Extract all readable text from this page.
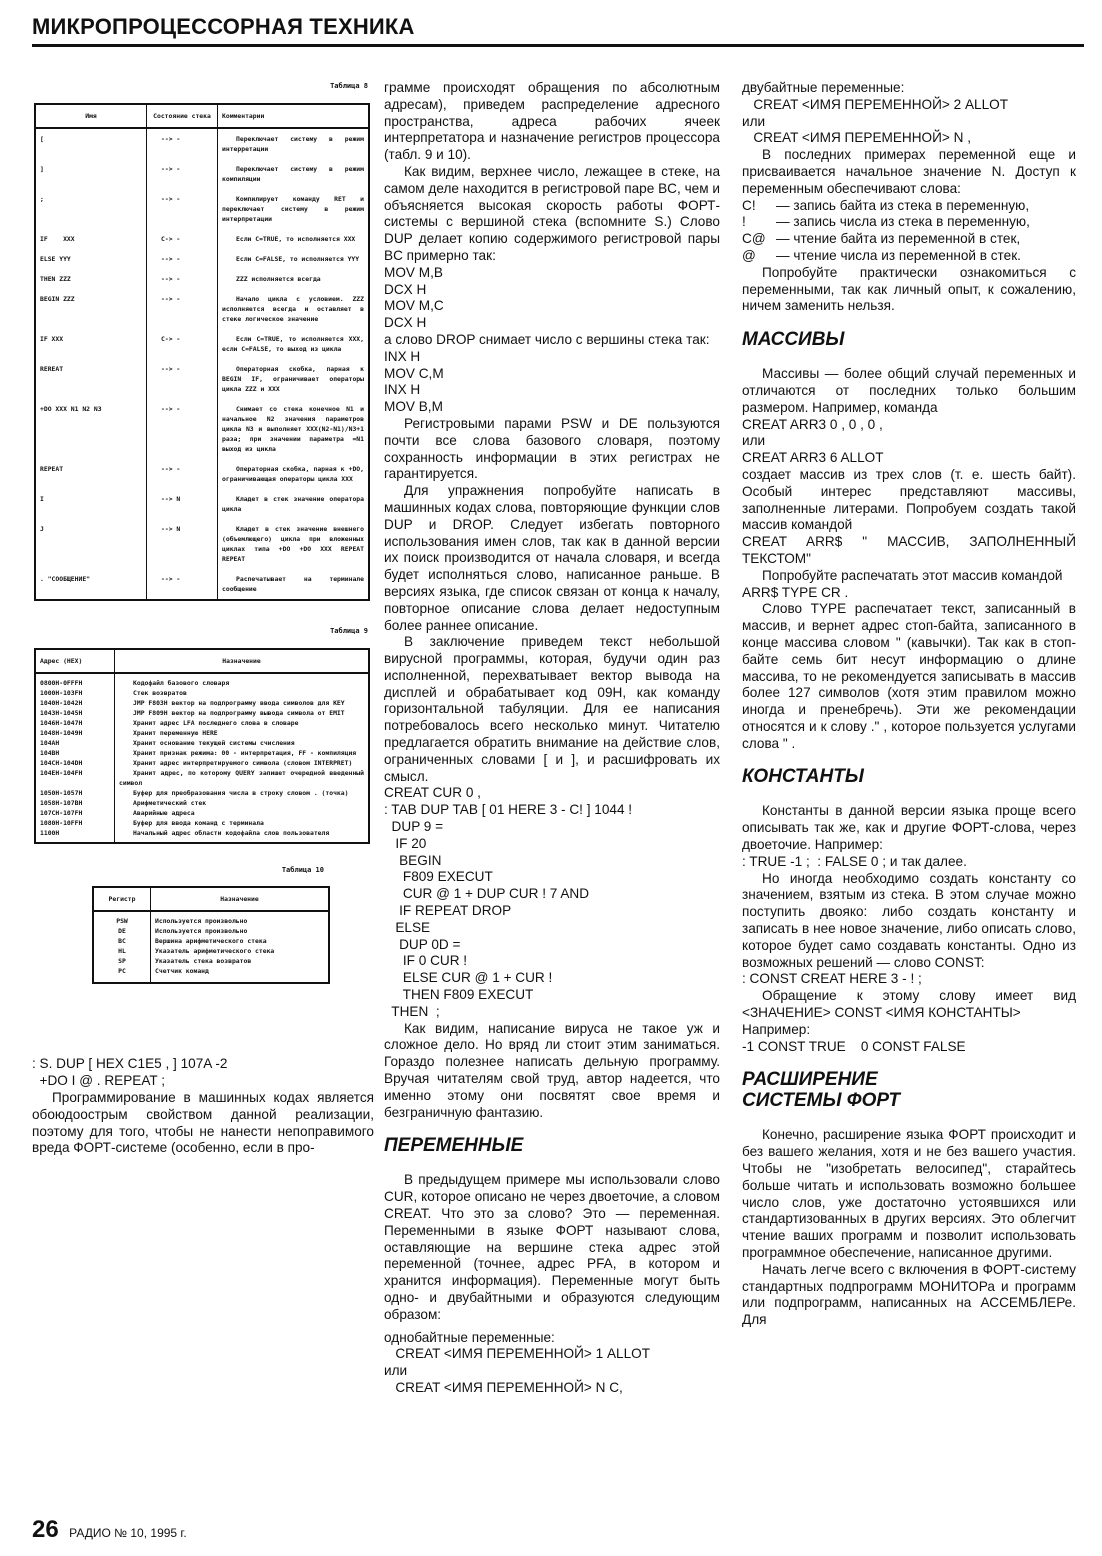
МИКРОПРОЦЕССОРНАЯ ТЕХНИКА
Таблица 8
Имя	Состояние стека	Комментарии
[	--> -	Переключает систему в режим интерретации

]	--> -	Переключает систему в режим компиляции

;	--> -	Компилирует команду RET и переключает систему в режим интерпретации

IF    XXX	C-> -	Если C=TRUE, то исполняется XXX

ELSE YYY	--> -	Если C=FALSE, то исполняется YYY

THEN ZZZ	--> -	ZZZ исполняется всегда

BEGIN ZZZ	--> -	Начало цикла с условием. ZZZ исполняется всегда и оставляет в стеке логическое значение

IF XXX	C-> -	Если C=TRUE, то исполняется XXX, если C=FALSE, то выход из цикла

REREAT	--> -	Операторная скобка, парная к BEGIN IF, ограничивает операторы цикла ZZZ и XXX

+DO XXX N1 N2 N3	--> -	Снимает со стека конечное N1 и начальное N2 значения параметров цикла N3 и выполняет XXX(N2-N1)/N3+1 раза; при значении параметра =N1 выход из цикла

REPEAT	--> -	Операторная скобка, парная к +DO, ограничивающая операторы цикла XXX

I	--> N	Кладет в стек значение оператора цикла

J	--> N	Кладет в стек значение внешнего (объемлющего) цикла при вложенных циклах типа +DO +DO XXX REPEAT REPEAT

. "СООБЩЕНИЕ"	--> -	Распечатывает на терминале сообщение
Таблица 9
Адрес (HEX)	Назначение
0800H-0FFFH	Кодофайл базового словаря
1000H-103FH	Стек возвратов
1040H-1042H	JMP F803H вектор на подпрограмму ввода символов для KEY
1043H-1045H	JMP F809H вектор на подпрограмму вывода символа от EMIT
1046H-1047H	Хранит адрес LFA последнего слова в словаре
1048H-1049H	Хранит переменную HERE
104AH	Хранит основание текущей системы счисления
104BH	Хранит признак режима: 00 - интерпретация, FF - компиляция
104CH-104DH	Хранит адрес интерпретируемого символа (словом INTERPRET)
104EH-104FH	Хранит адрес, по которому QUERY запишет очередной введенный символ
1050H-1057H	Буфер для преобразования числа в строку словом . (точка)
1058H-107BH	Арифметический стек
107CH-107FH	Аварийные адреса
1080H-10FFH	Буфер для ввода команд с терминала
1100H	Начальный адрес области кодофайла слов пользователя
Таблица 10
Регистр	Назначение
PSW	Используется произвольно
DE	Используется произвольно
BC	Вершина арифметического стека
HL	Указатель арифметического стека
SP	Указатель стека возвратов
PC	Счетчик команд
: S. DUP [ HEX C1E5 , ] 107A -2
+DO I @ . REPEAT ;

Программирование в машинных кодах является обоюдоострым свойством данной реализации, поэтому для того, чтобы не нанести непоправимого вреда ФОРТ-системе (особенно, если в про-

грамме происходят обращения по абсолютным адресам), приведем распределение адресного пространства, адреса рабочих ячеек интерпретатора и назначение регистров процессора (табл. 9 и 10).

Как видим, верхнее число, лежащее в стеке, на самом деле находится в регистровой паре BC, чем и объясняется высокая скорость работы ФОРТ-системы с вершиной стека (вспомните S.) Слово DUP делает копию содержимого регистровой пары BC примерно так:

MOV M,B
DCX H
MOV M,C
DCX H

а слово DROP снимает число с вершины стека так:

INX H
MOV C,M
INX H
MOV B,M

Регистровыми парами PSW и DE пользуются почти все слова базового словаря, поэтому сохранность информации в этих регистрах не гарантируется.

Для упражнения попробуйте написать в машинных кодах слова, повторяющие функции слов DUP и DROP. Следует избегать повторного использования имен слов, так как в данной версии их поиск производится от начала словаря, и всегда будет исполняться слово, написанное раньше. В версиях языка, где список связан от конца к началу, повторное описание слова делает недоступным более раннее описание.

В заключение приведем текст небольшой вирусной программы, которая, будучи один раз исполненной, перехватывает вектор вывода на дисплей и обрабатывает код 09H, как команду горизонтальной табуляции. Для ее написания потребовалось всего несколько минут. Читателю предлагается обратить внимание на действие слов, ограниченных словами [ и ], и расшифровать их смысл.

CREAT CUR 0 ,
: TAB DUP TAB [ 01 HERE 3 - C! ] 1044 !
DUP 9 =
IF 20
BEGIN
F809 EXECUT
CUR @ 1 + DUP CUR ! 7 AND
IF REPEAT DROP
ELSE
DUP 0D =
IF 0 CUR !
ELSE CUR @ 1 + CUR !
THEN F809 EXECUT
THEN  ;

Как видим, написание вируса не такое уж и сложное дело. Но вряд ли стоит этим заниматься. Гораздо полезнее написать дельную программу. Вручая читателям свой труд, автор надеется, что именно этому они посвятят свое время и безграничную фантазию.

ПЕРЕМЕННЫЕ

В предыдущем примере мы использовали слово CUR, которое описано не через двоеточие, а словом CREAT. Что это за слово? Это — переменная. Переменными в языке ФОРТ называют слова, оставляющие на вершине стека адрес этой переменной (точнее, адрес PFA, в котором и хранится информация). Переменные могут быть одно- и двубайтными и образуются следующим образом:

однобайтные переменные:

CREAT <ИМЯ ПЕРЕМЕННОЙ> 1 ALLOT
или
CREAT <ИМЯ ПЕРЕМЕННОЙ> N C,

двубайтные переменные:

CREAT <ИМЯ ПЕРЕМЕННОЙ> 2 ALLOT
или
CREAT <ИМЯ ПЕРЕМЕННОЙ> N ,

В последних примерах переменной еще и присваивается начальное значение N. Доступ к переменным обеспечивают слова:

C!	— запись байта из стека в переменную,
!	— запись числа из стека в переменную,
C@ — чтение байта из переменной в стек,
@	— чтение числа из переменной в стек.

Попробуйте практически ознакомиться с переменными, так как личный опыт, к сожалению, ничем заменить нельзя.

МАССИВЫ

Массивы — более общий случай переменных и отличаются от последних только большим размером. Например, команда

CREAT ARR3 0 , 0 , 0 ,
или
CREAT ARR3 6 ALLOT

создает массив из трех слов (т. е. шесть байт). Особый интерес представляют массивы, заполненные литерами. Попробуем создать такой массив командой

CREAT ARR$ " МАССИВ, ЗАПОЛНЕННЫЙ ТЕКСТОМ"

Попробуйте распечатать этот массив командой

ARR$ TYPE CR .

Слово TYPE распечатает текст, записанный в массив, и вернет адрес стоп-байта, записанного в конце массива словом " (кавычки). Так как в стоп-байте семь бит несут информацию о длине массива, то не рекомендуется записывать в массив более 127 символов (хотя этим правилом можно иногда и пренебречь). Эти же рекомендации относятся и к слову ." , которое пользуется услугами слова " .

КОНСТАНТЫ

Константы в данной версии языка проще всего описывать так же, как и другие ФОРТ-слова, через двоеточие. Например:

: TRUE -1 ;  : FALSE 0 ; и так далее.

Но иногда необходимо создать константу со значением, взятым из стека. В этом случае можно поступить двояко: либо создать константу и записать в нее новое значение, либо описать слово, которое будет само создавать константы. Одно из возможных решений — слово CONST:

: CONST CREAT HERE 3 - ! ;

Обращение к этому слову имеет вид <ЗНАЧЕНИЕ> CONST <ИМЯ КОНСТАНТЫ>

Например:

-1 CONST TRUE    0 CONST FALSE
РАСШИРЕНИЕ СИСТЕМЫ ФОРТ

Конечно, расширение языка ФОРТ происходит и без вашего желания, хотя и не без вашего участия. Чтобы не "изобретать велосипед", старайтесь больше читать и использовать возможно большее число слов, уже достаточно устоявшихся или стандартизованных в других версиях. Это облегчит чтение ваших программ и позволит использовать программное обеспечение, написанное другими.

Начать легче всего с включения в ФОРТ-систему стандартных подпрограмм МОНИТОРа и программ или подпрограмм, написанных на АССЕМБЛЕРе. Для

26 РАДИО № 10, 1995 г.
